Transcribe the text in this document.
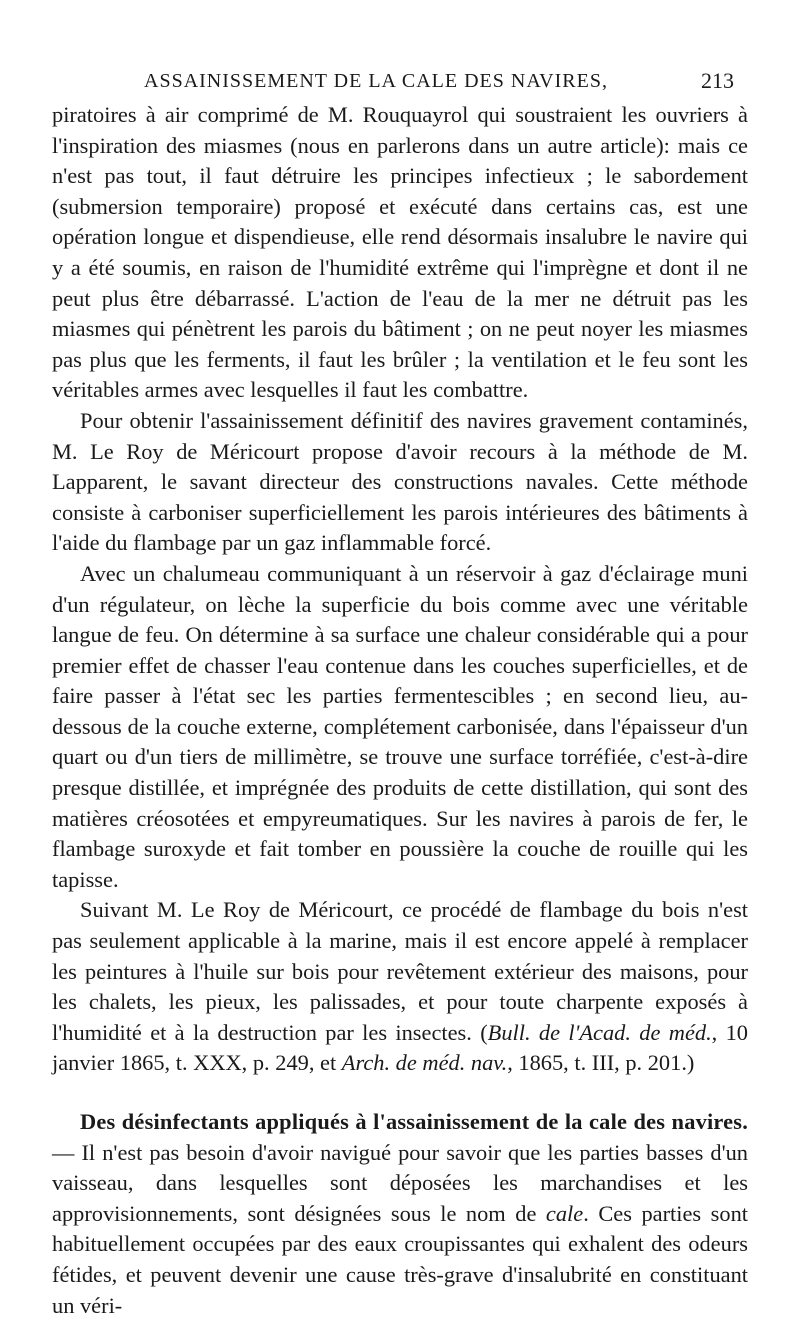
ASSAINISSEMENT DE LA CALE DES NAVIRES,	213

piratoires à air comprimé de M. Rouquayrol qui soustraient les ouvriers à l'inspiration des miasmes (nous en parlerons dans un autre article): mais ce n'est pas tout, il faut détruire les principes infectieux ; le sabordement (submersion temporaire) proposé et exécuté dans certains cas, est une opération longue et dispendieuse, elle rend désormais insalubre le navire qui y a été soumis, en raison de l'humidité extrême qui l'imprègne et dont il ne peut plus être débarrassé. L'action de l'eau de la mer ne détruit pas les miasmes qui pénètrent les parois du bâtiment ; on ne peut noyer les miasmes pas plus que les ferments, il faut les brûler ; la ventilation et le feu sont les véritables armes avec lesquelles il faut les combattre.

Pour obtenir l'assainissement définitif des navires gravement contaminés, M. Le Roy de Méricourt propose d'avoir recours à la méthode de M. Lapparent, le savant directeur des constructions navales. Cette méthode consiste à carboniser superficiellement les parois intérieures des bâtiments à l'aide du flambage par un gaz inflammable forcé.

Avec un chalumeau communiquant à un réservoir à gaz d'éclairage muni d'un régulateur, on lèche la superficie du bois comme avec une véritable langue de feu. On détermine à sa surface une chaleur considérable qui a pour premier effet de chasser l'eau contenue dans les couches superficielles, et de faire passer à l'état sec les parties fermentescibles ; en second lieu, au-dessous de la couche externe, complétement carbonisée, dans l'épaisseur d'un quart ou d'un tiers de millimètre, se trouve une surface torréfiée, c'est-à-dire presque distillée, et imprégnée des produits de cette distillation, qui sont des matières créosotées et empyreumatiques. Sur les navires à parois de fer, le flambage suroxyde et fait tomber en poussière la couche de rouille qui les tapisse.

Suivant M. Le Roy de Méricourt, ce procédé de flambage du bois n'est pas seulement applicable à la marine, mais il est encore appelé à remplacer les peintures à l'huile sur bois pour revêtement extérieur des maisons, pour les chalets, les pieux, les palissades, et pour toute charpente exposés à l'humidité et à la destruction par les insectes. (Bull. de l'Acad. de méd., 10 janvier 1865, t. XXX, p. 249, et Arch. de méd. nav., 1865, t. III, p. 201.)

Des désinfectants appliqués à l'assainissement de la cale des navires. — Il n'est pas besoin d'avoir navigué pour savoir que les parties basses d'un vaisseau, dans lesquelles sont déposées les marchandises et les approvisionnements, sont désignées sous le nom de cale. Ces parties sont habituellement occupées par des eaux croupissantes qui exhalent des odeurs fétides, et peuvent devenir une cause très-grave d'insalubrité en constituant un véri-
